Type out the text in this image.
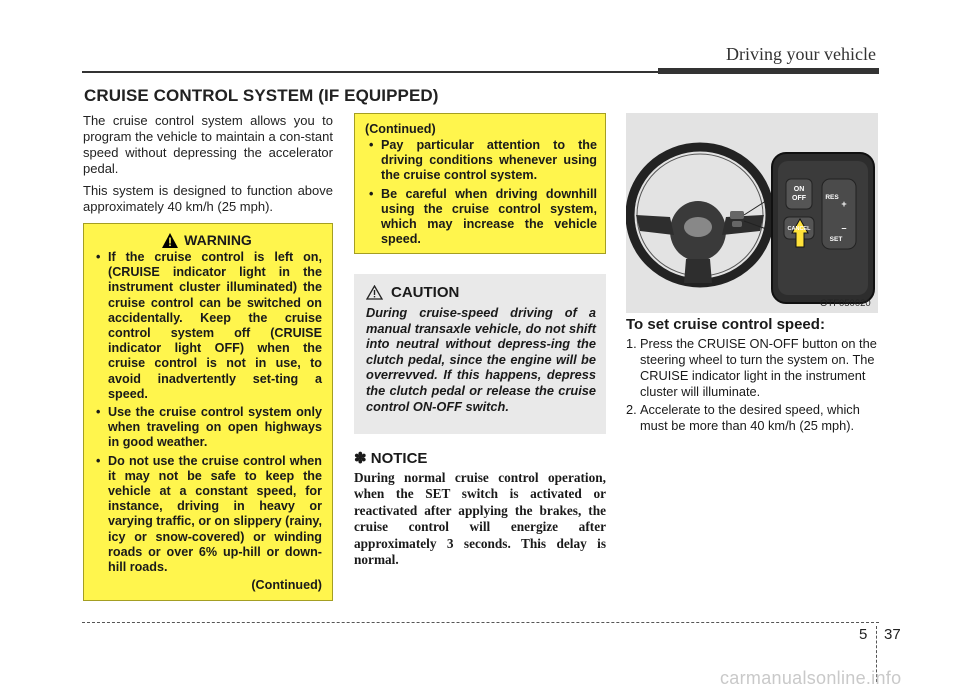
Driving your vehicle
CRUISE CONTROL SYSTEM (IF EQUIPPED)

The cruise control system allows you to program the vehicle to maintain a con-stant speed without depressing the accelerator pedal.

This system is designed to function above approximately 40 km/h (25 mph).

WARNING
• If the cruise control is left on, (CRUISE indicator light in the instrument cluster illuminated) the cruise control can be switched on accidentally. Keep the cruise control system off (CRUISE indicator light OFF) when the cruise control is not in use, to avoid inadvertently set-ting a speed.
• Use the cruise control system only when traveling on open highways in good weather.
• Do not use the cruise control when it may not be safe to keep the vehicle at a constant speed, for instance, driving in heavy or varying traffic, or on slippery (rainy, icy or snow-covered) or winding roads or over 6% up-hill or down-hill roads.
(Continued)
(Continued)
• Pay particular attention to the driving conditions whenever using the cruise control system.
• Be careful when driving downhill using the cruise control system, which may increase the vehicle speed.
CAUTION
During cruise-speed driving of a manual transaxle vehicle, do not shift into neutral without depress-ing the clutch pedal, since the engine will be overrevved. If this happens, depress the clutch pedal or release the cruise control ON-OFF switch.
✽ NOTICE
During normal cruise control operation, when the SET switch is activated or reactivated after applying the brakes, the cruise control will energize after approximately 3 seconds. This delay is normal.
ON
OFF
CANCEL
RES
+
–
SET
OTF050020
To set cruise control speed:
1. Press the CRUISE ON-OFF button on the steering wheel to turn the system on. The CRUISE indicator light in the instrument cluster will illuminate.
2. Accelerate to the desired speed, which must be more than 40 km/h (25 mph).
5 37
carmanualsonline.info
